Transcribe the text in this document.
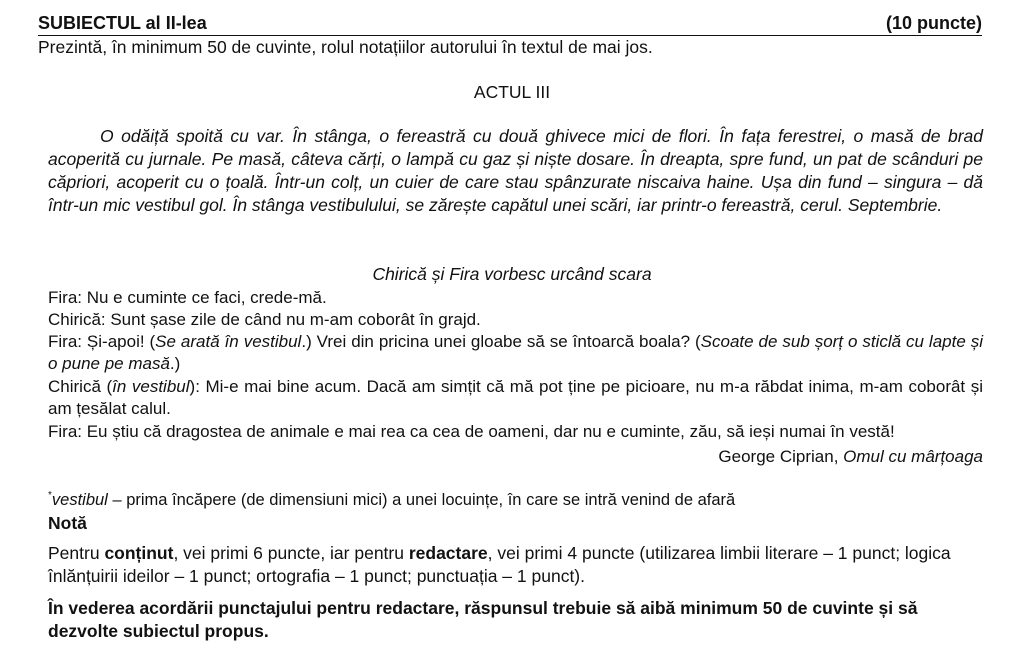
SUBIECTUL al II-lea	(10 puncte)
Prezintă, în minimum 50 de cuvinte, rolul notațiilor autorului în textul de mai jos.
ACTUL III
O odăiță spoită cu var. În stânga, o fereastră cu două ghivece mici de flori. În fața ferestrei, o masă de brad acoperită cu jurnale. Pe masă, câteva cărți, o lampă cu gaz și niște dosare. În dreapta, spre fund, un pat de scânduri pe căpriori, acoperit cu o țoală. Într-un colț, un cuier de care stau spânzurate niscaiva haine. Ușa din fund – singura – dă într-un mic vestibul gol. În stânga vestibulului, se zărește capătul unei scări, iar printr-o fereastră, cerul. Septembrie.
Chirică și Fira vorbesc urcând scara
Fira: Nu e cuminte ce faci, crede-mă.
Chirică: Sunt șase zile de când nu m-am coborât în grajd.
Fira: Și-apoi! (Se arată în vestibul.) Vrei din pricina unei gloabe să se întoarcă boala? (Scoate de sub șorț o sticlă cu lapte și o pune pe masă.)
Chirică (în vestibul): Mi-e mai bine acum. Dacă am simțit că mă pot ține pe picioare, nu m-a răbdat inima, m-am coborât și am țesălat calul.
Fira: Eu știu că dragostea de animale e mai rea ca cea de oameni, dar nu e cuminte, zău, să ieși numai în vestă!
George Ciprian, Omul cu mârțoaga
*vestibul – prima încăpere (de dimensiuni mici) a unei locuințe, în care se intră venind de afară
Notă
Pentru conținut, vei primi 6 puncte, iar pentru redactare, vei primi 4 puncte (utilizarea limbii literare – 1 punct; logica înlănțuirii ideilor – 1 punct; ortografia – 1 punct; punctuația – 1 punct).
În vederea acordării punctajului pentru redactare, răspunsul trebuie să aibă minimum 50 de cuvinte și să dezvolte subiectul propus.
